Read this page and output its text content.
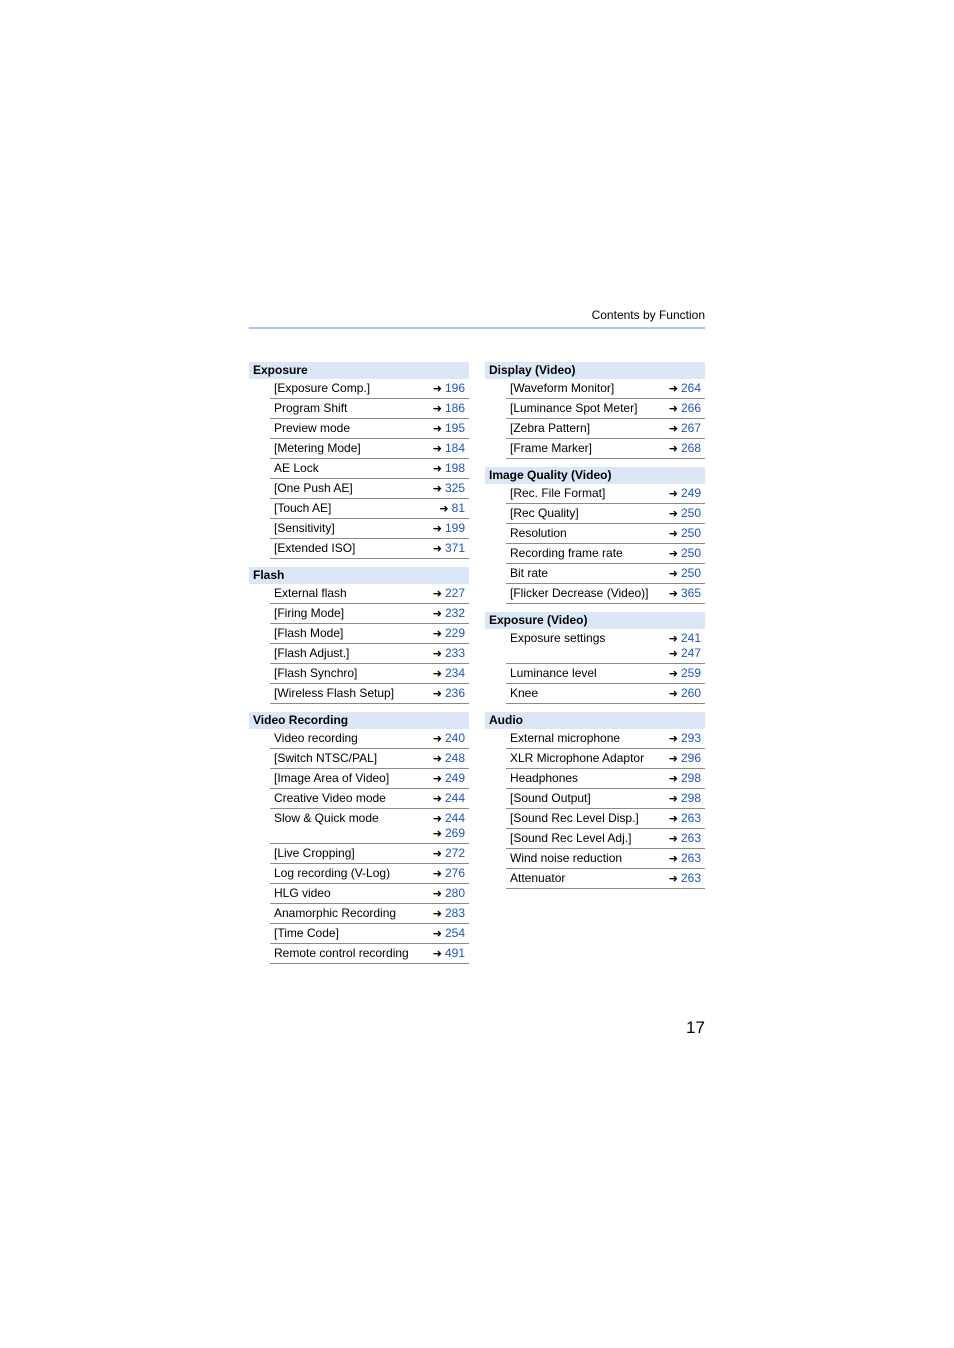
Contents by Function
Exposure
[Exposure Comp.]	➜ 196
Program Shift	➜ 186
Preview mode	➜ 195
[Metering Mode]	➜ 184
AE Lock	➜ 198
[One Push AE]	➜ 325
[Touch AE]	➜ 81
[Sensitivity]	➜ 199
[Extended ISO]	➜ 371
Flash
External flash	➜ 227
[Firing Mode]	➜ 232
[Flash Mode]	➜ 229
[Flash Adjust.]	➜ 233
[Flash Synchro]	➜ 234
[Wireless Flash Setup]	➜ 236
Video Recording
Video recording	➜ 240
[Switch NTSC/PAL]	➜ 248
[Image Area of Video]	➜ 249
Creative Video mode	➜ 244
Slow & Quick mode	➜ 244
➜ 269
[Live Cropping]	➜ 272
Log recording (V-Log)	➜ 276
HLG video	➜ 280
Anamorphic Recording	➜ 283
[Time Code]	➜ 254
Remote control recording ➜ 491
Display (Video)
[Waveform Monitor]	➜ 264
[Luminance Spot Meter]	➜ 266
[Zebra Pattern]	➜ 267
[Frame Marker]	➜ 268
Image Quality (Video)
[Rec. File Format]	➜ 249
[Rec Quality]	➜ 250
Resolution	➜ 250
Recording frame rate	➜ 250
Bit rate	➜ 250
[Flicker Decrease (Video)] ➜ 365
Exposure (Video)
Exposure settings	➜ 241
➜ 247
Luminance level	➜ 259
Knee	➜ 260
Audio
External microphone	➜ 293
XLR Microphone Adaptor ➜ 296
Headphones	➜ 298
[Sound Output]	➜ 298
[Sound Rec Level Disp.]	➜ 263
[Sound Rec Level Adj.]	➜ 263
Wind noise reduction	➜ 263
Attenuator	➜ 263
17
